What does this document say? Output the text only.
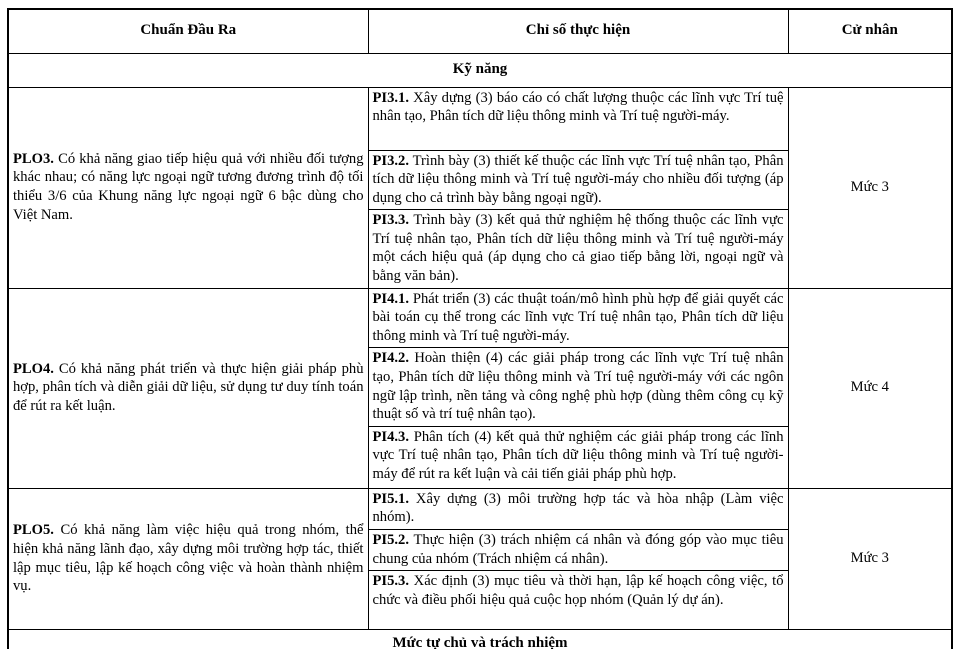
Chuẩn Đầu Ra	Chỉ số thực hiện	Cử nhân
Kỹ năng		
PLO3. Có khả năng giao tiếp hiệu quả với nhiều đối tượng khác nhau; có năng lực ngoại ngữ tương đương trình độ tối thiểu 3/6 của Khung năng lực ngoại ngữ 6 bậc dùng cho Việt Nam.	PI3.1. Xây dựng (3) báo cáo có chất lượng thuộc các lĩnh vực Trí tuệ nhân tạo, Phân tích dữ liệu thông minh và Trí tuệ người-máy.	Mức 3
	PI3.2. Trình bày (3) thiết kế thuộc các lĩnh vực Trí tuệ nhân tạo, Phân tích dữ liệu thông minh và Trí tuệ người-máy cho nhiều đối tượng (áp dụng cho cả trình bày bằng ngoại ngữ).	
	PI3.3. Trình bày (3) kết quả thử nghiệm hệ thống thuộc các lĩnh vực Trí tuệ nhân tạo, Phân tích dữ liệu thông minh và Trí tuệ người-máy một cách hiệu quả (áp dụng cho cả giao tiếp bằng lời, ngoại ngữ và bằng văn bản).	
PLO4. Có khả năng phát triển và thực hiện giải pháp phù hợp, phân tích và diễn giải dữ liệu, sử dụng tư duy tính toán để rút ra kết luận.	PI4.1. Phát triển (3) các thuật toán/mô hình phù hợp để giải quyết các bài toán cụ thể trong các lĩnh vực Trí tuệ nhân tạo, Phân tích dữ liệu thông minh và Trí tuệ người-máy.	Mức 4
	PI4.2. Hoàn thiện (4) các giải pháp trong các lĩnh vực Trí tuệ nhân tạo, Phân tích dữ liệu thông minh và Trí tuệ người-máy với các ngôn ngữ lập trình, nền tảng và công nghệ phù hợp (dùng thêm công cụ kỹ thuật số và trí tuệ nhân tạo).	
	PI4.3. Phân tích (4) kết quả thử nghiệm các giải pháp trong các lĩnh vực Trí tuệ nhân tạo, Phân tích dữ liệu thông minh và Trí tuệ người-máy để rút ra kết luận và cải tiến giải pháp phù hợp.	
PLO5. Có khả năng làm việc hiệu quả trong nhóm, thể hiện khả năng lãnh đạo, xây dựng môi trường hợp tác, thiết lập mục tiêu, lập kế hoạch công việc và hoàn thành nhiệm vụ.	PI5.1. Xây dựng (3) môi trường hợp tác và hòa nhập (Làm việc nhóm).	Mức 3
	PI5.2. Thực hiện (3) trách nhiệm cá nhân và đóng góp vào mục tiêu chung của nhóm (Trách nhiệm cá nhân).	
	PI5.3. Xác định (3) mục tiêu và thời hạn, lập kế hoạch công việc, tổ chức và điều phối hiệu quả cuộc họp nhóm (Quản lý dự án).	
Mức tự chủ và trách nhiệm		
